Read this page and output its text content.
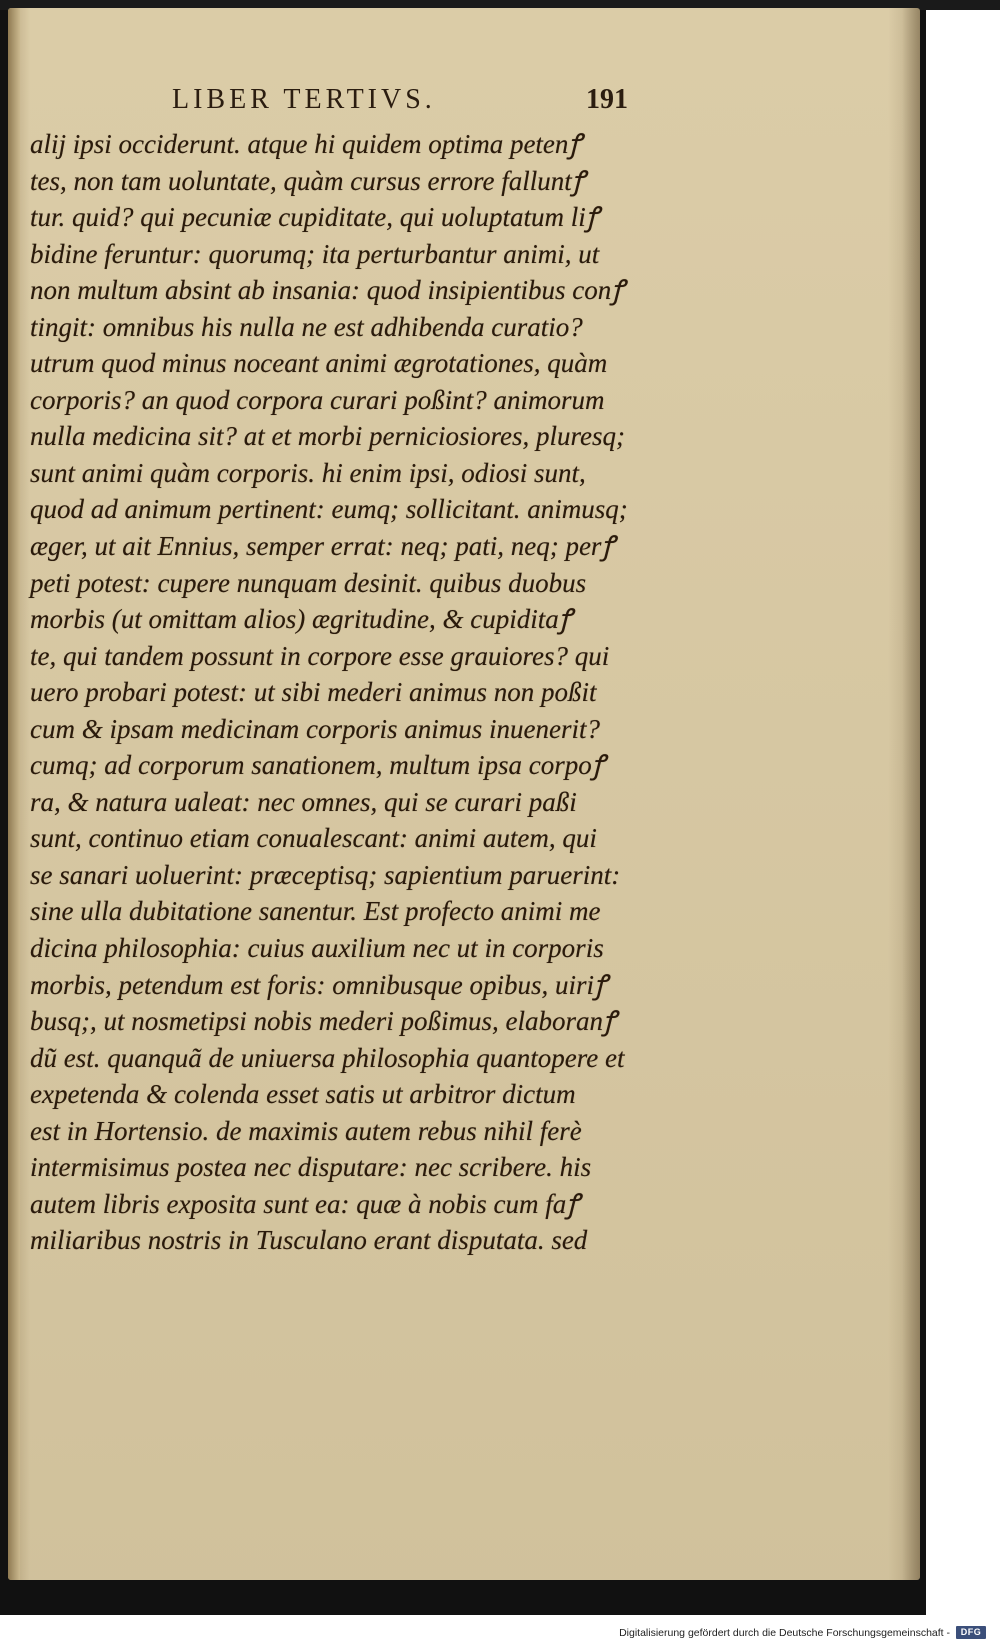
LIBER TERTIVS.	191
alij ipsi occiderunt. atque hi quidem optima petenꝭ
tes, non tam uoluntate, quàm cursus errore falluntꝭ
tur. quid? qui pecuniæ cupiditate, qui uoluptatum liꝭ
bidine feruntur: quorumq; ita perturbantur animi, ut
non multum absint ab insania: quod insipientibus conꝭ
tingit: omnibus his nulla ne est adhibenda curatio?
utrum quod minus noceant animi ægrotationes, quàm
corporis? an quod corpora curari poßint? animorum
nulla medicina sit? at et morbi perniciosiores, pluresq;
sunt animi quàm corporis. hi enim ipsi, odiosi sunt,
quod ad animum pertinent: eumq; sollicitant. animusq;
æger, ut ait Ennius, semper errat: neq; pati, neq; perꝭ
peti potest: cupere nunquam desinit. quibus duobus
morbis (ut omittam alios) ægritudine, & cupiditaꝭ
te, qui tandem possunt in corpore esse grauiores? qui
uero probari potest: ut sibi mederi animus non poßit
cum & ipsam medicinam corporis animus inuenerit?
cumq; ad corporum sanationem, multum ipsa corpoꝭ
ra, & natura ualeat: nec omnes, qui se curari paßi
sunt, continuo etiam conualescant: animi autem, qui
se sanari uoluerint: præceptisq; sapientium paruerint:
sine ulla dubitatione sanentur. Est profecto animi me
dicina philosophia: cuius auxilium nec ut in corporis
morbis, petendum est foris: omnibusque opibus, uiriꝭ
busq;, ut nosmetipsi nobis mederi poßimus, elaboranꝭ
dũ est. quanquã de uniuersa philosophia quantopere et
expetenda & colenda esset satis ut arbitror dictum
est in Hortensio. de maximis autem rebus nihil ferè
intermisimus postea nec disputare: nec scribere. his
autem libris exposita sunt ea: quæ à nobis cum faꝭ
miliaribus nostris in Tusculano erant disputata. sed
Digitalisierung gefördert durch die Deutsche Forschungsgemeinschaft -	DFG
